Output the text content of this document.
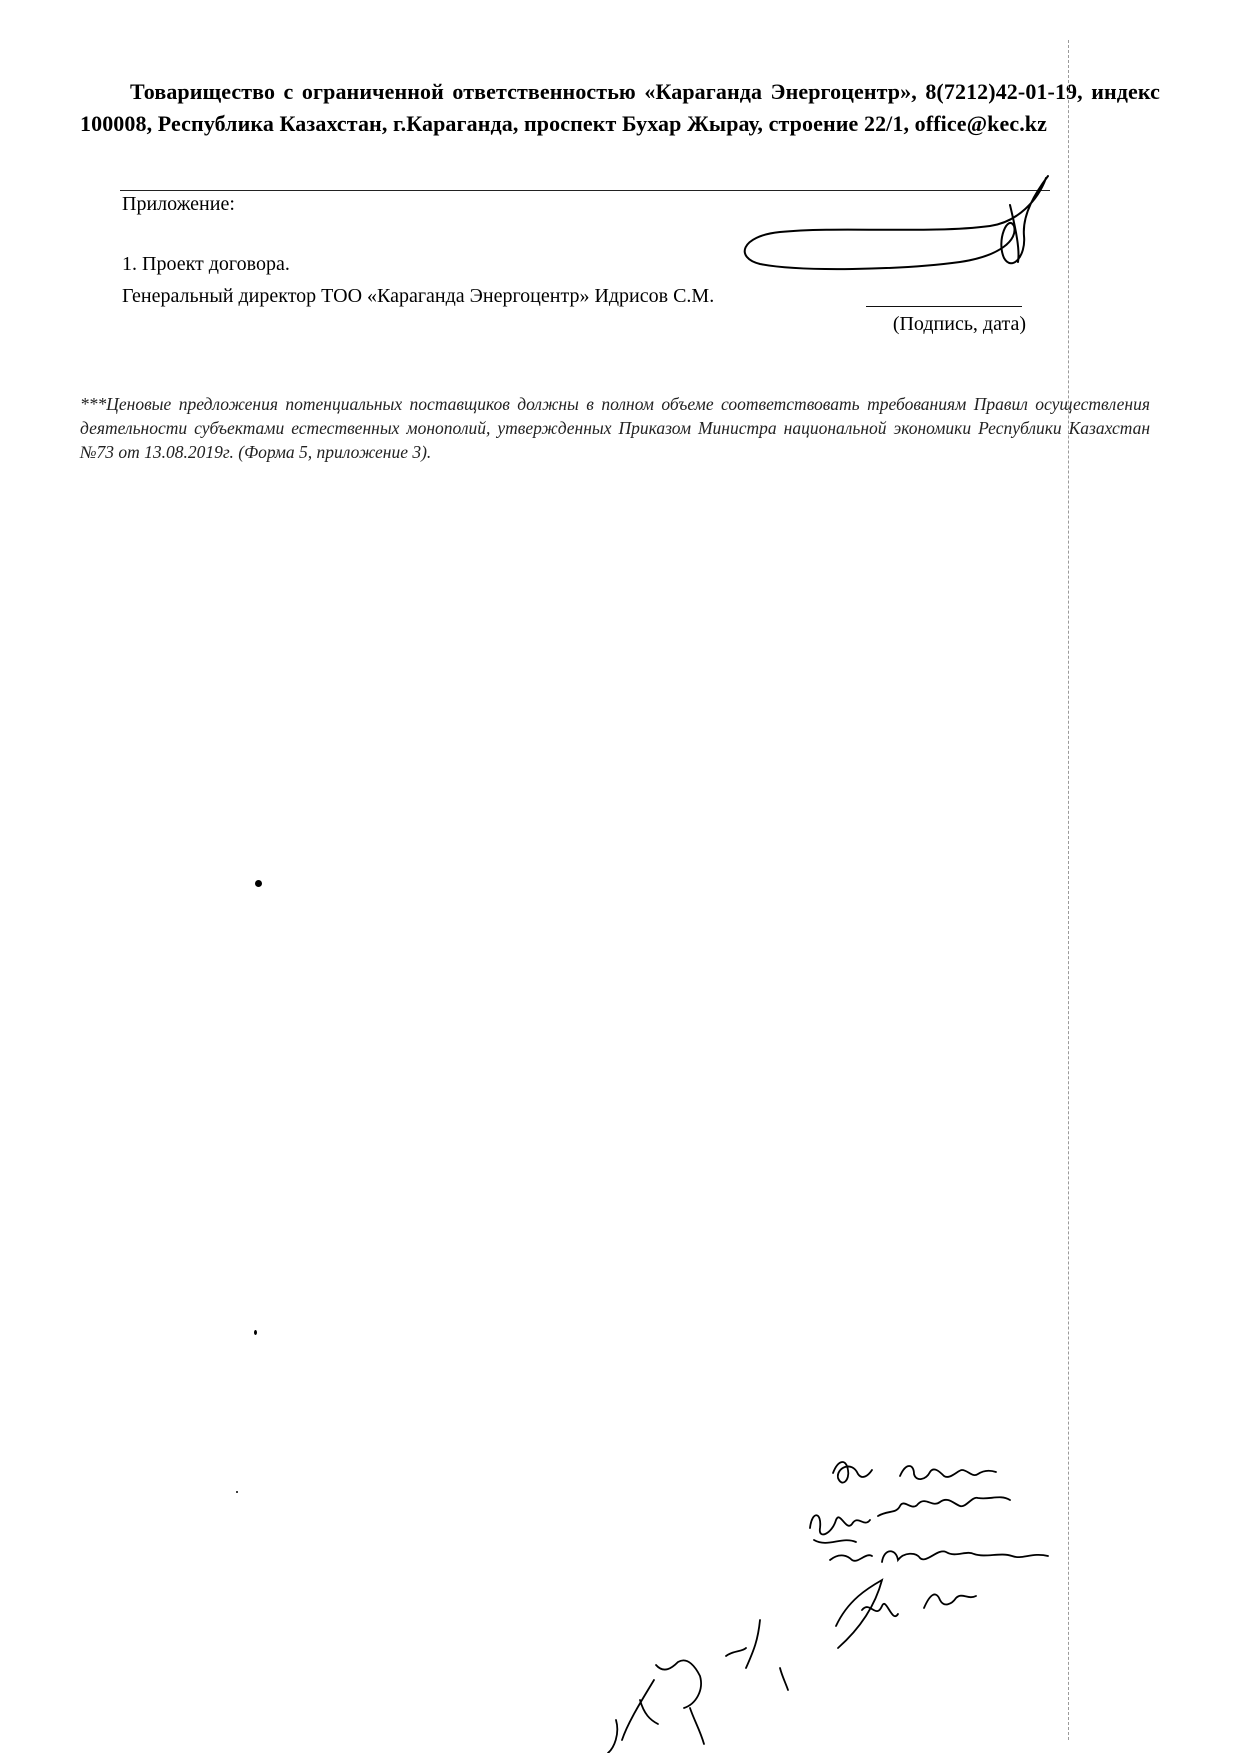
Товарищество с ограниченной ответственностью «Караганда Энергоцентр», 8(7212)42-01-19, индекс 100008, Республика Казахстан, г.Караганда, проспект Бухар Жырау, строение 22/1, office@kec.kz
Приложение:
1. Проект договора.
Генеральный директор ТОО «Караганда Энергоцентр» Идрисов С.М.
(Подпись, дата)
***Ценовые предложения потенциальных поставщиков должны в полном объеме соответствовать требованиям Правил осуществления деятельности субъектами естественных монополий, утвержденных Приказом Министра национальной экономики Республики Казахстан №73 от 13.08.2019г. (Форма 5, приложение 3).
